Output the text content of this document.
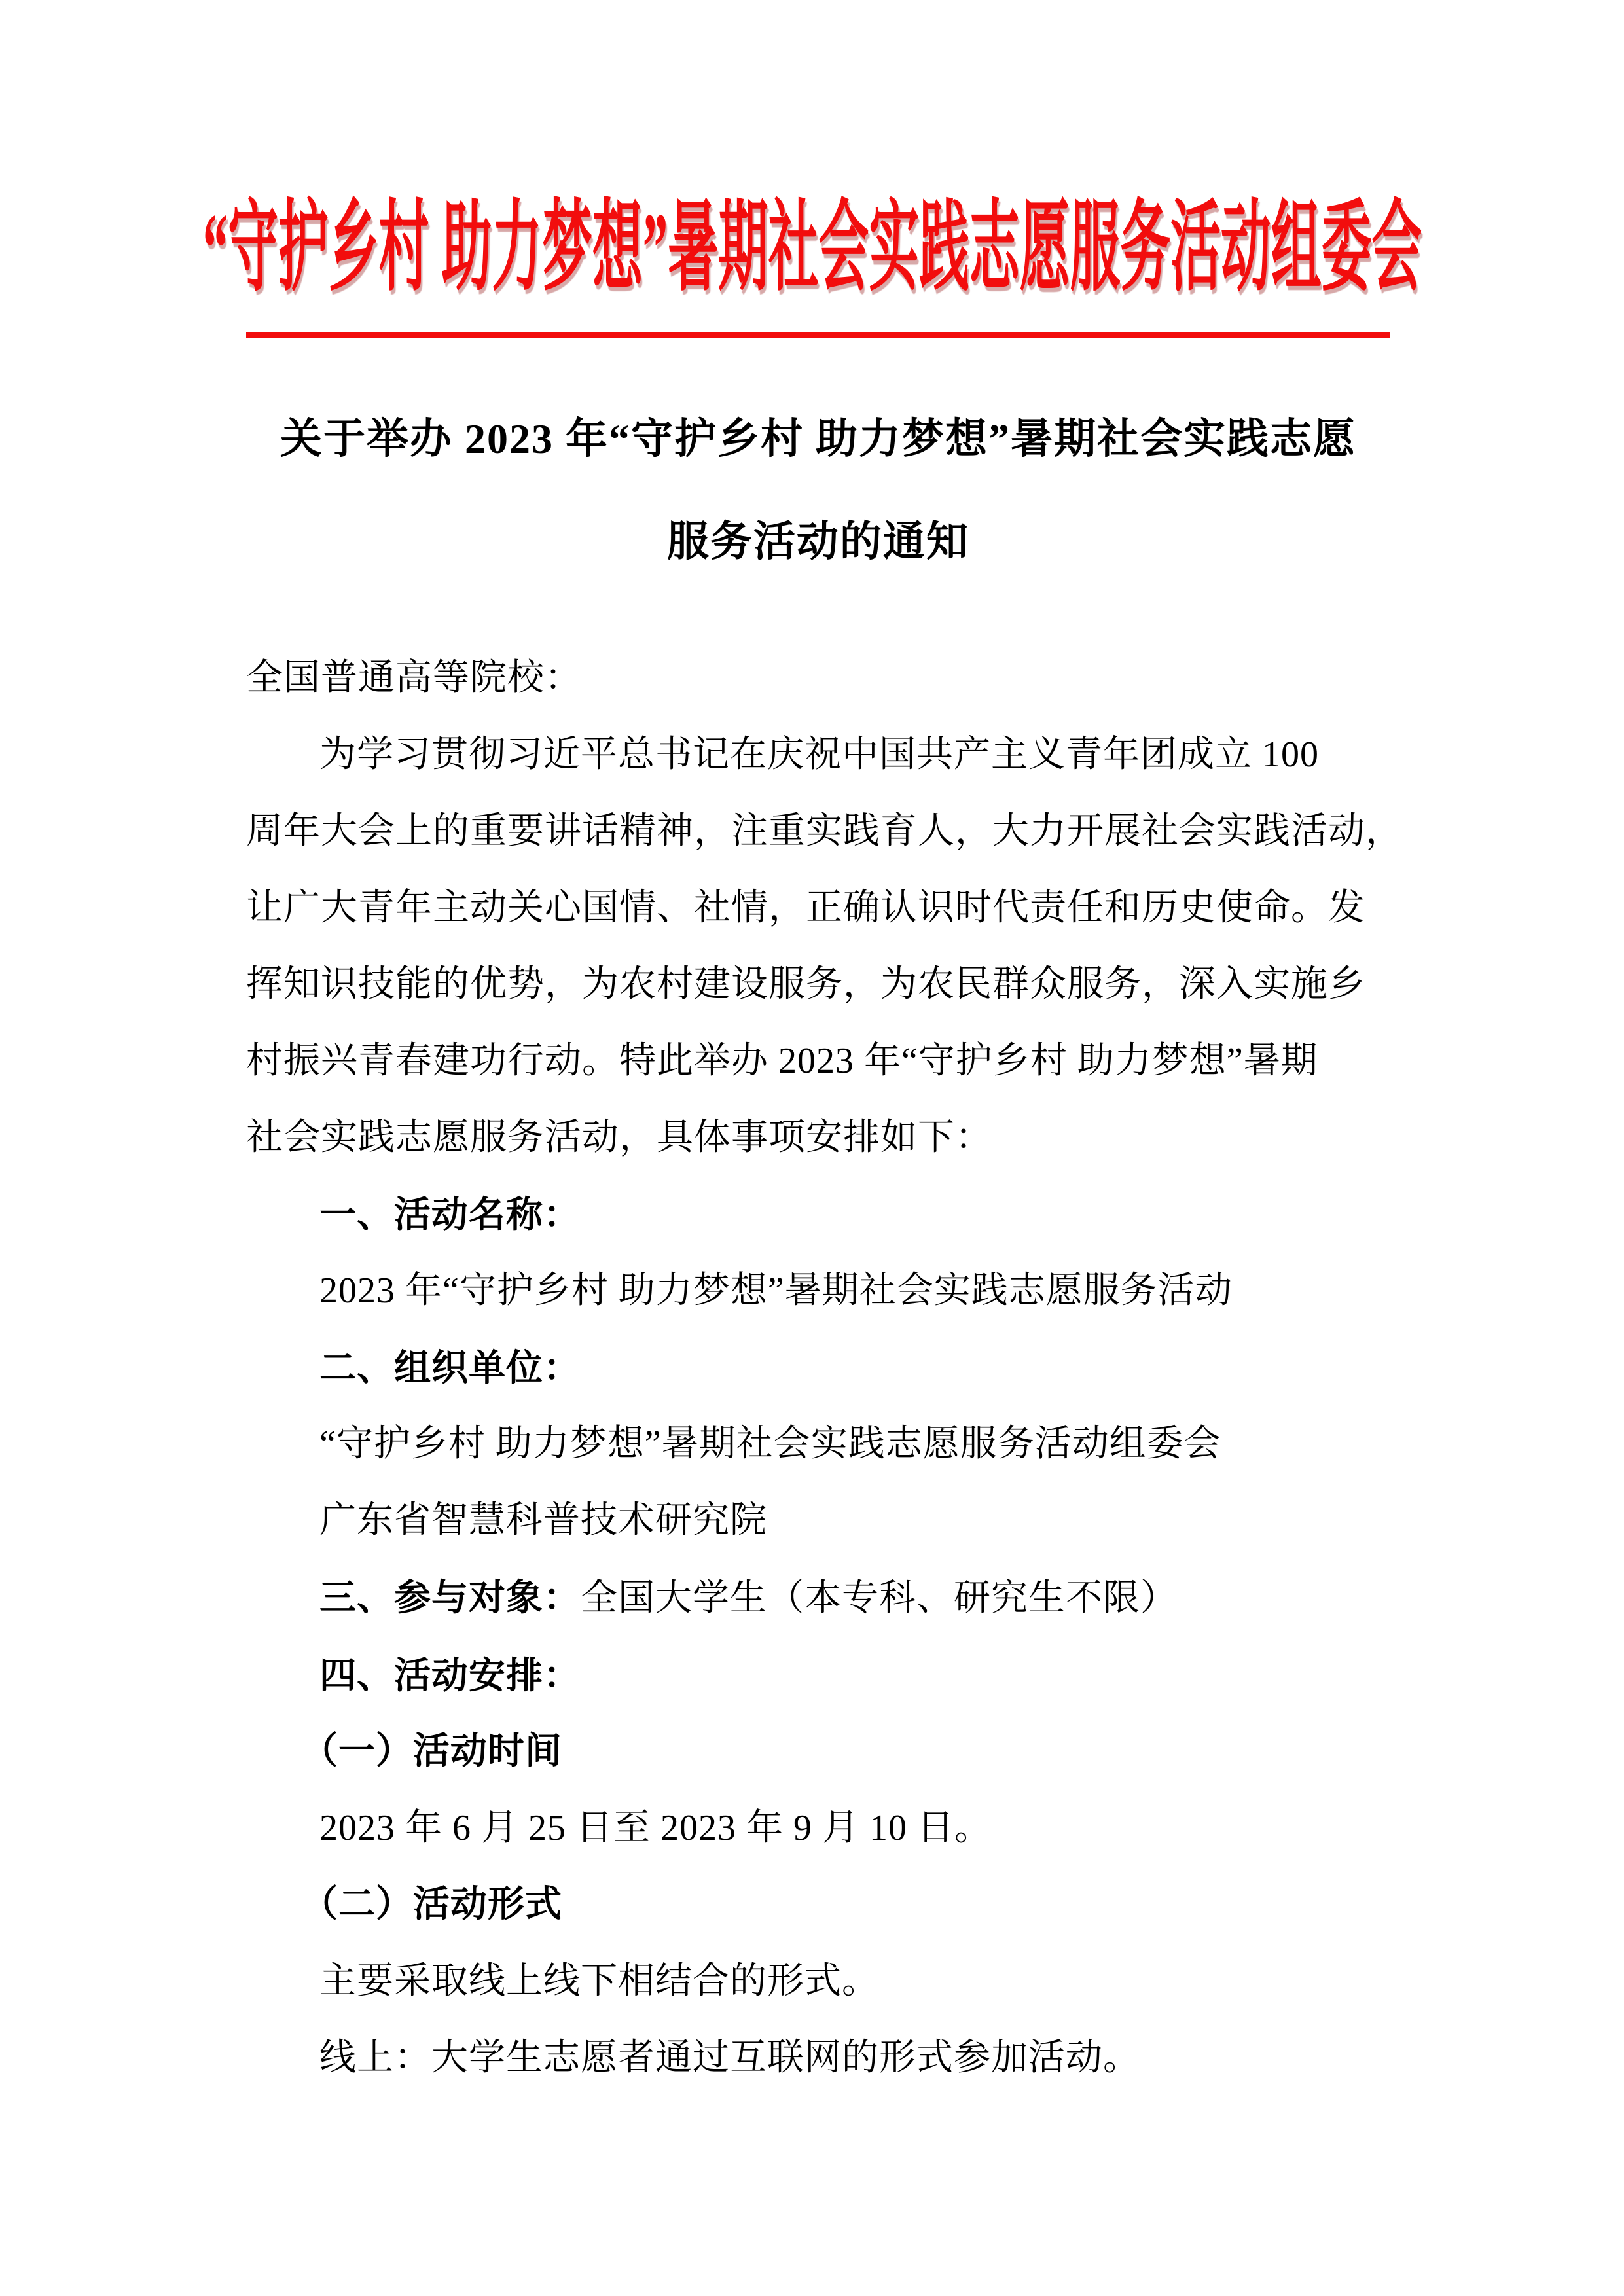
“守护乡村 助力梦想”暑期社会实践志愿服务活动组委会
关于举办 2023 年“守护乡村 助力梦想”暑期社会实践志愿
服务活动的通知
全国普通高等院校：
为学习贯彻习近平总书记在庆祝中国共产主义青年团成立 100
周年大会上的重要讲话精神，注重实践育人，大力开展社会实践活动，
让广大青年主动关心国情、社情，正确认识时代责任和历史使命。发
挥知识技能的优势，为农村建设服务，为农民群众服务，深入实施乡
村振兴青春建功行动。特此举办 2023 年“守护乡村 助力梦想”暑期
社会实践志愿服务活动，具体事项安排如下：
一、活动名称：
2023 年“守护乡村 助力梦想”暑期社会实践志愿服务活动
二、组织单位：
“守护乡村 助力梦想”暑期社会实践志愿服务活动组委会
广东省智慧科普技术研究院
三、参与对象：全国大学生（本专科、研究生不限）
四、活动安排：
（一）活动时间
2023 年 6 月 25 日至 2023 年 9 月 10 日。
（二）活动形式
主要采取线上线下相结合的形式。
线上：大学生志愿者通过互联网的形式参加活动。
